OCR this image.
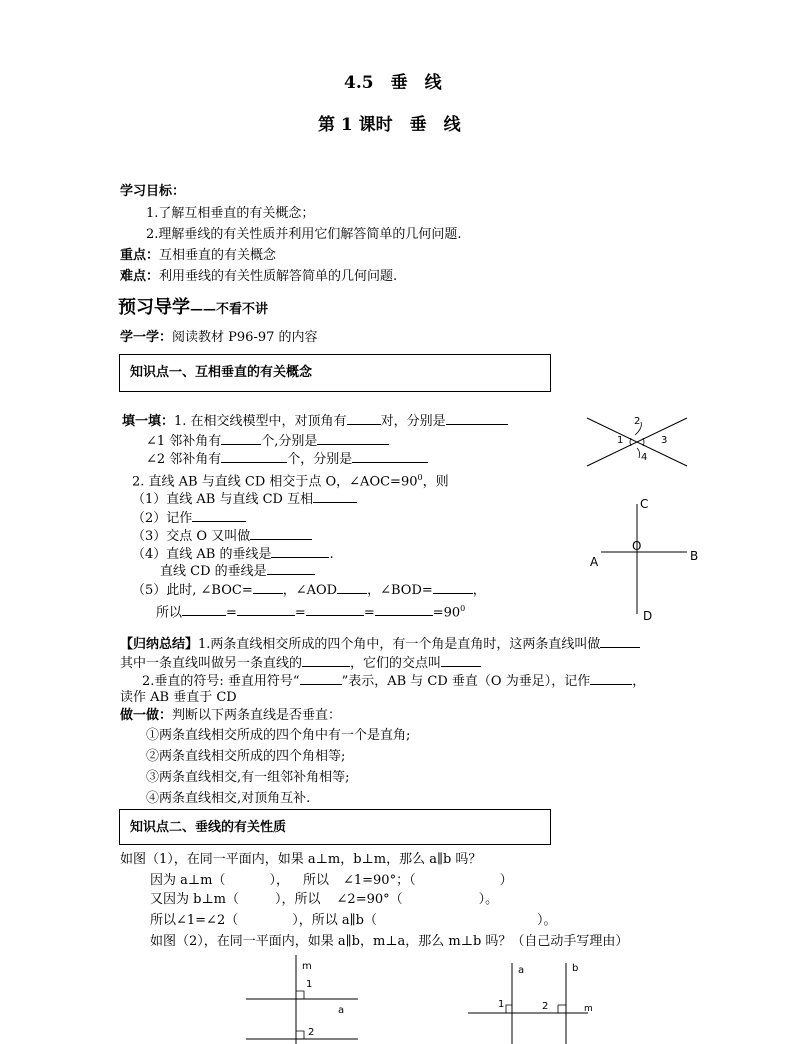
4.5　垂　线
第 1 课时　垂　线
学习目标：
1.了解互相垂直的有关概念；
2.理解垂线的有关性质并利用它们解答简单的几何问题.
重点：互相垂直的有关概念
难点：利用垂线的有关性质解答简单的几何问题.
预习导学——不看不讲
学一学：阅读教材 P96-97 的内容
知识点一、互相垂直的有关概念
填一填：1. 在相交线模型中，对顶角有	对，分别是
∠1 邻补角有	个,分别是
∠2 邻补角有	个，分别是
2. 直线 AB 与直线 CD 相交于点 O，$\angle AOC=90^0$，则
（1）直线 AB 与直线 CD 互相
（2）记作
（3）交点 O 又叫做
（4）直线 AB 的垂线是	.
直线 CD 的垂线是
（5）此时, ∠BOC= ，∠AOD ，∠BOD=	，
所以	=	=	=	$=90^0$
1
2
3
4
C
A	B
O
D
【归纳总结】1.两条直线相交所成的四个角中，有一个角是直角时，这两条直线叫做
其中一条直线叫做另一条直线的	，它们的交点叫
2.垂直的符号: 垂直用符号“	”表示，AB 与 CD 垂直（O 为垂足），记作	，
读作 AB 垂直于 CD
做一做：判断以下两条直线是否垂直：
①两条直线相交所成的四个角中有一个是直角;
②两条直线相交所成的四个角相等;
③两条直线相交,有一组邻补角相等;
④两条直线相交,对顶角互补.
知识点二、垂线的有关性质
如图（1），在同一平面内，如果 a⊥m，b⊥m，那么 a∥b 吗？
因为 a⊥m（	）， 所以 ∠1=90°；（	）
又因为 b⊥m（	），所以 ∠2=90°（	）。
所以∠1=∠2（	），所以 a∥b（	）。
如图（2），在同一平面内，如果 a∥b，m⊥a，那么 m⊥b 吗？（自己动手写理由）
m
1
2
a
a	b
1	2	m
